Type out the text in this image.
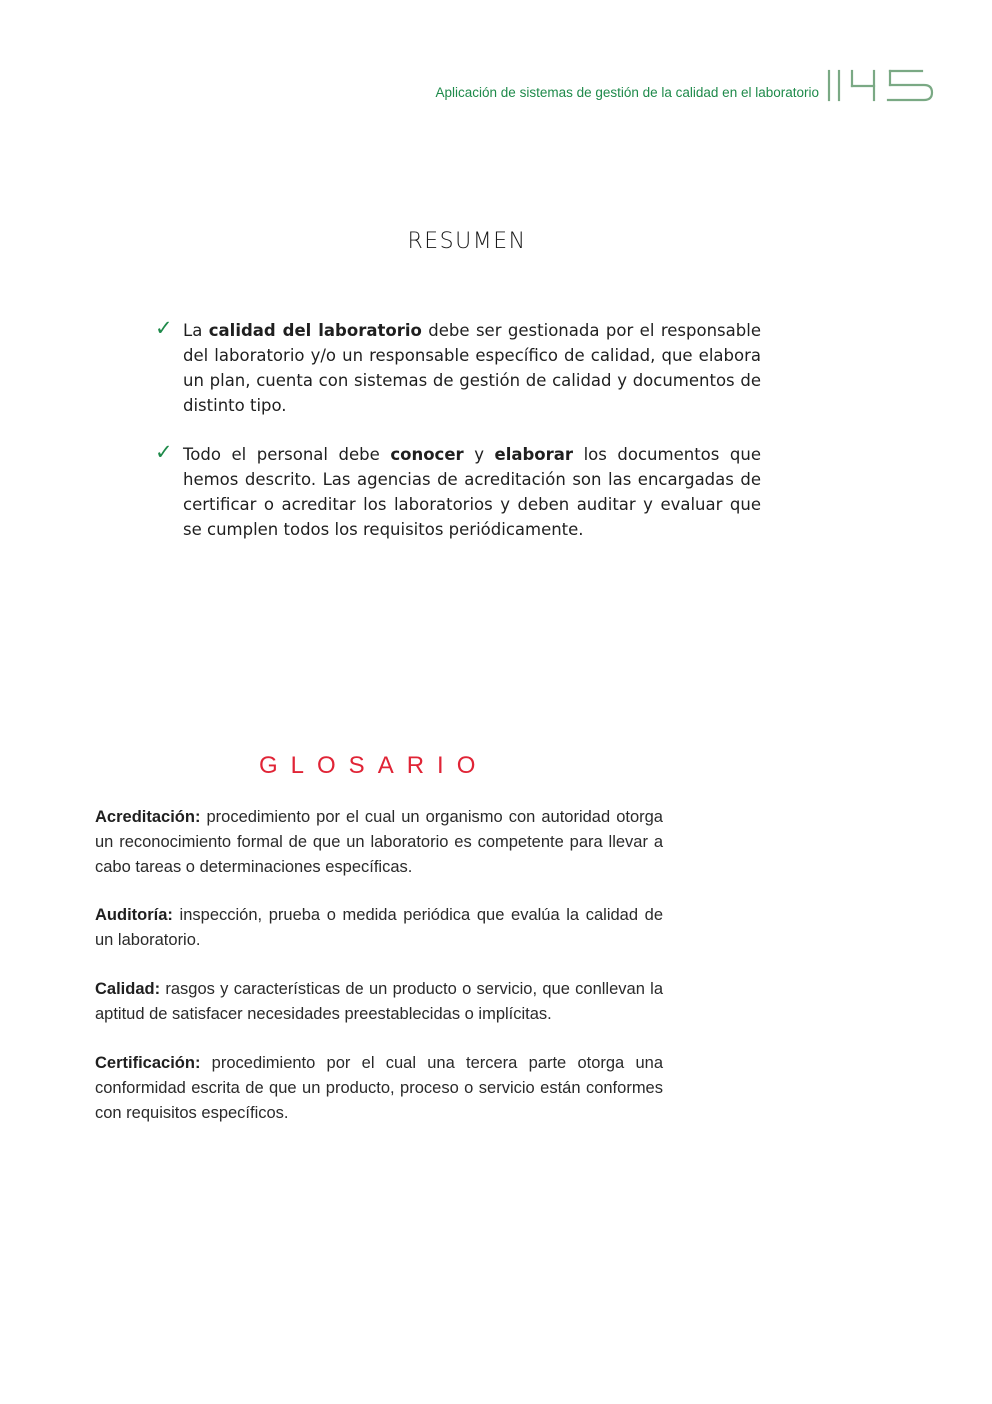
Aplicación de sistemas de gestión de la calidad en el laboratorio
RESUMEN
✓ La calidad del laboratorio debe ser gestionada por el responsable del laboratorio y/o un responsable específico de calidad, que elabora un plan, cuenta con sistemas de gestión de calidad y documentos de distinto tipo.
✓ Todo el personal debe conocer y elaborar los documentos que hemos descrito. Las agencias de acreditación son las encargadas de certificar o acreditar los laboratorios y deben auditar y evaluar que se cumplen todos los requisitos periódicamente.
GLOSARIO
Acreditación: procedimiento por el cual un organismo con autoridad otorga un reconocimiento formal de que un laboratorio es competente para llevar a cabo tareas o determinaciones específicas.
Auditoría: inspección, prueba o medida periódica que evalúa la calidad de un laboratorio.
Calidad: rasgos y características de un producto o servicio, que conllevan la aptitud de satisfacer necesidades preestablecidas o implícitas.
Certificación: procedimiento por el cual una tercera parte otorga una conformidad escrita de que un producto, proceso o servicio están conformes con requisitos específicos.
